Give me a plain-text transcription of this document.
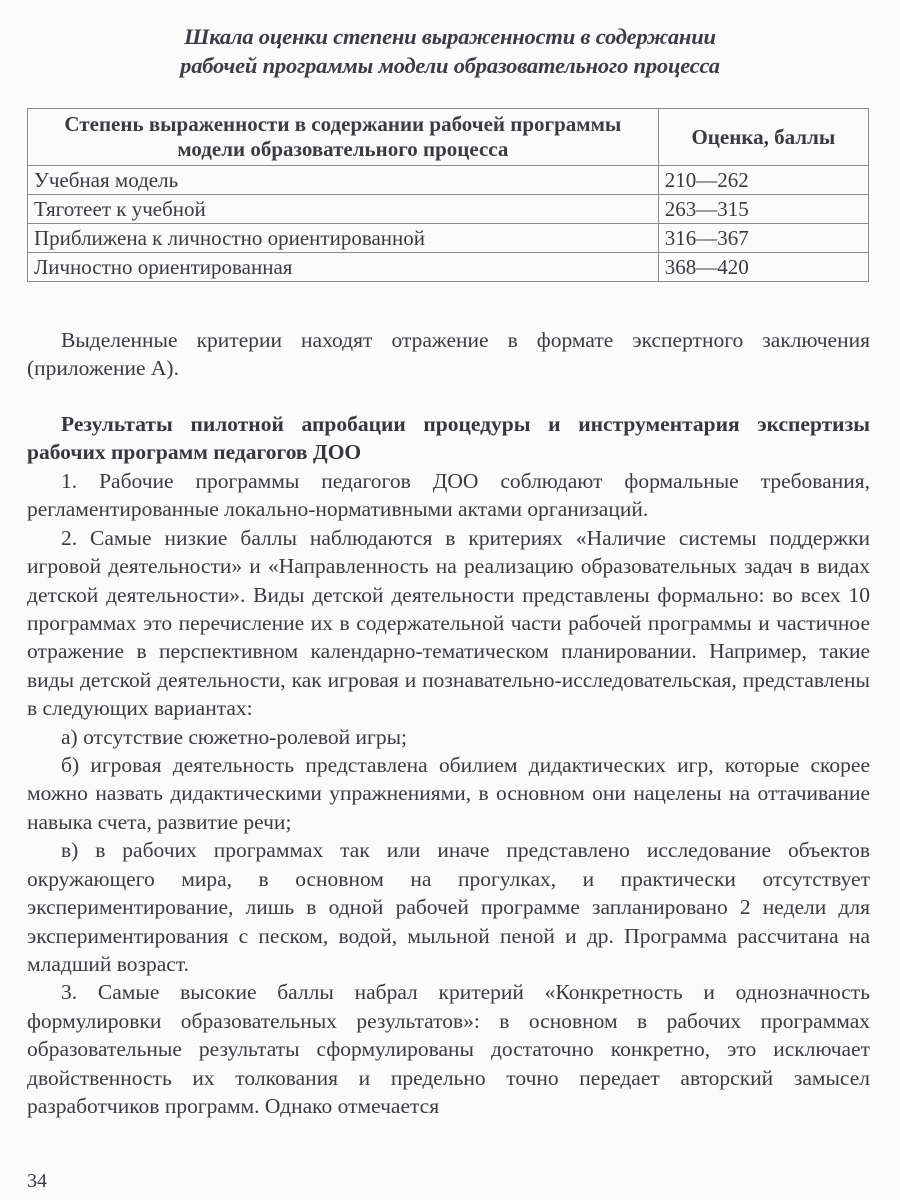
Шкала оценки степени выраженности в содержании
рабочей программы модели образовательного процесса
Степень выраженности в содержании рабочей программы модели образовательного процесса	Оценка, баллы
Учебная модель	210—262
Тяготеет к учебной	263—315
Приближена к личностно ориентированной	316—367
Личностно ориентированная	368—420

Выделенные критерии находят отражение в формате экспертного заключения (приложение А).

Результаты пилотной апробации процедуры и инструментария экспертизы рабочих программ педагогов ДОО

1. Рабочие программы педагогов ДОО соблюдают формальные требования, регламентированные локально-нормативными актами организаций.

2. Самые низкие баллы наблюдаются в критериях «Наличие системы поддержки игровой деятельности» и «Направленность на реализацию образовательных задач в видах детской деятельности». Виды детской деятельности представлены формально: во всех 10 программах это перечисление их в содержательной части рабочей программы и частичное отражение в перспективном календарно-тематическом планировании. Например, такие виды детской деятельности, как игровая и познавательно-исследовательская, представлены в следующих вариантах:

а) отсутствие сюжетно-ролевой игры;

б) игровая деятельность представлена обилием дидактических игр, которые скорее можно назвать дидактическими упражнениями, в основном они нацелены на оттачивание навыка счета, развитие речи;

в) в рабочих программах так или иначе представлено исследование объектов окружающего мира, в основном на прогулках, и практически отсутствует экспериментирование, лишь в одной рабочей программе запланировано 2 недели для экспериментирования с песком, водой, мыльной пеной и др. Программа рассчитана на младший возраст.

3. Самые высокие баллы набрал критерий «Конкретность и однозначность формулировки образовательных результатов»: в основном в рабочих программах образовательные результаты сформулированы достаточно конкретно, это исключает двойственность их толкования и предельно точно передает авторский замысел разработчиков программ. Однако отмечается

34
